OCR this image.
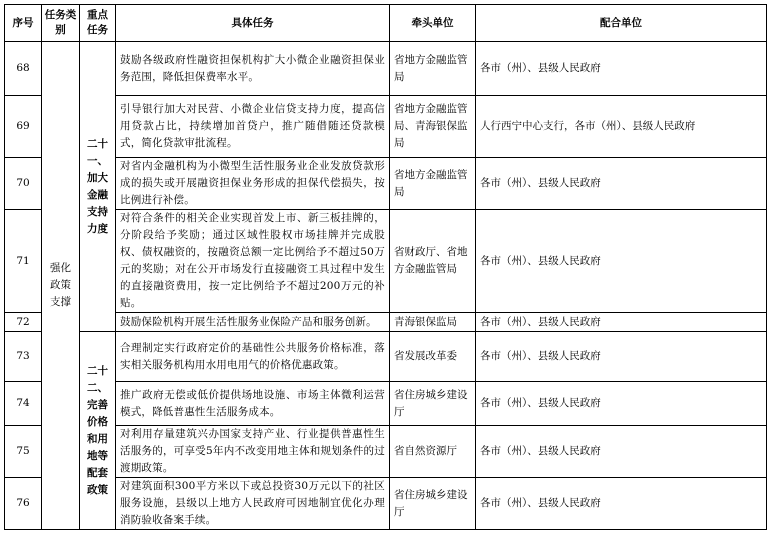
序号	任务类别	重点任务	具体任务	牵头单位	配合单位
68	强化政策支撑	二十一、加大金融支持力度	鼓励各级政府性融资担保机构扩大小微企业融资担保业务范围，降低担保费率水平。	省地方金融监管局	各市（州）、县级人民政府
69			引导银行加大对民营、小微企业信贷支持力度，提高信用贷款占比，持续增加首贷户，推广随借随还贷款模式，简化贷款审批流程。	省地方金融监管局、青海银保监局	人行西宁中心支行，各市（州）、县级人民政府
70			对省内金融机构为小微型生活性服务业企业发放贷款形成的损失或开展融资担保业务形成的担保代偿损失，按比例进行补偿。	省地方金融监管局	各市（州）、县级人民政府
71			对符合条件的相关企业实现首发上市、新三板挂牌的，分阶段给予奖励；通过区域性股权市场挂牌并完成股权、债权融资的，按融资总额一定比例给予不超过50万元的奖励；对在公开市场发行直接融资工具过程中发生的直接融资费用，按一定比例给予不超过200万元的补贴。	省财政厅、省地方金融监管局	各市（州）、县级人民政府
72			鼓励保险机构开展生活性服务业保险产品和服务创新。	青海银保监局	各市（州）、县级人民政府
73		二十二、完善价格和用地等配套政策	合理制定实行政府定价的基础性公共服务价格标准，落实相关服务机构用水用电用气的价格优惠政策。	省发展改革委	各市（州）、县级人民政府
74			推广政府无偿或低价提供场地设施、市场主体微利运营模式，降低普惠性生活服务成本。	省住房城乡建设厅	各市（州）、县级人民政府
75			对利用存量建筑兴办国家支持产业、行业提供普惠性生活服务的，可享受5年内不改变用地主体和规划条件的过渡期政策。	省自然资源厅	各市（州）、县级人民政府
76			对建筑面积300平方米以下或总投资30万元以下的社区服务设施，县级以上地方人民政府可因地制宜优化办理消防验收备案手续。	省住房城乡建设厅	各市（州）、县级人民政府
